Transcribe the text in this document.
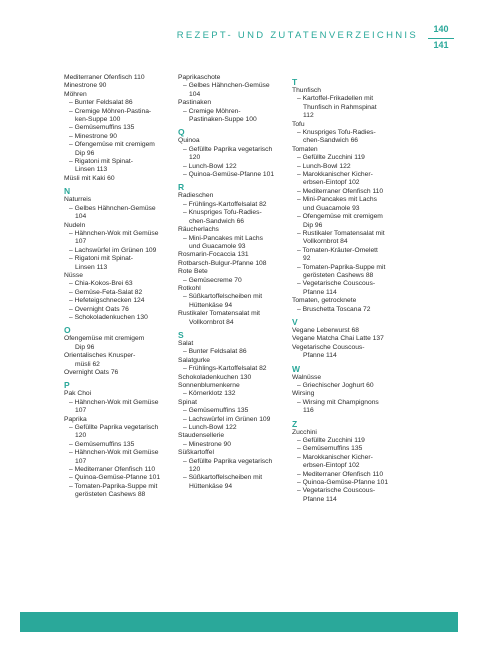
REZEPT- UND ZUTATENVERZEICHNIS
140
141
Mediterraner Ofenfisch 110
Minestrone 90
Möhren
– Bunter Feldsalat 86
– Cremige Möhren-Pastina-
ken-Suppe 100
– Gemüsemuffins 135
– Minestrone 90
– Ofengemüse mit cremigem
Dip 96
– Rigatoni mit Spinat-
Linsen 113
Müsli mit Kaki 60
N
Naturreis
– Gelbes Hähnchen-Gemüse
104
Nudeln
– Hähnchen-Wok mit Gemüse
107
– Lachswürfel im Grünen 109
– Rigatoni mit Spinat-
Linsen 113
Nüsse
– Chia-Kokos-Brei 63
– Gemüse-Feta-Salat 82
– Hefeteigschnecken 124
– Overnight Oats 76
– Schokoladenkuchen 130
O
Ofengemüse mit cremigem
Dip 96
Orientalisches Knusper-
müsli 62
Overnight Oats 76
P
Pak Choi
– Hähnchen-Wok mit Gemüse
107
Paprika
– Gefüllte Paprika vegetarisch
120
– Gemüsemuffins 135
– Hähnchen-Wok mit Gemüse
107
– Mediterraner Ofenfisch 110
– Quinoa-Gemüse-Pfanne 101
– Tomaten-Paprika-Suppe mit
gerösteten Cashews 88
Paprikaschote
– Gelbes Hähnchen-Gemüse
104
Pastinaken
– Cremige Möhren-
Pastinaken-Suppe 100
Q
Quinoa
– Gefüllte Paprika vegetarisch
120
– Lunch-Bowl 122
– Quinoa-Gemüse-Pfanne 101
R
Radieschen
– Frühlings-Kartoffelsalat 82
– Knuspriges Tofu-Radies-
chen-Sandwich 66
Räucherlachs
– Mini-Pancakes mit Lachs
und Guacamole 93
Rosmarin-Focaccia 131
Rotbarsch-Bulgur-Pfanne 108
Rote Bete
– Gemüsecreme 70
Rotkohl
– Süßkartoffelscheiben mit
Hüttenkäse 94
Rustikaler Tomatensalat mit
Vollkornbrot 84
S
Salat
– Bunter Feldsalat 86
Salatgurke
– Frühlings-Kartoffelsalat 82
Schokoladenkuchen 130
Sonnenblumenkerne
– Körnerklotz 132
Spinat
– Gemüsemuffins 135
– Lachswürfel im Grünen 109
– Lunch-Bowl 122
Staudensellerie
– Minestrone 90
Süßkartoffel
– Gefüllte Paprika vegetarisch
120
– Süßkartoffelscheiben mit
Hüttenkäse 94
T
Thunfisch
– Kartoffel-Frikadellen mit
Thunfisch in Rahmspinat
112
Tofu
– Knuspriges Tofu-Radies-
chen-Sandwich 66
Tomaten
– Gefüllte Zucchini 119
– Lunch-Bowl 122
– Marokkanischer Kicher-
erbsen-Eintopf 102
– Mediterraner Ofenfisch 110
– Mini-Pancakes mit Lachs
und Guacamole 93
– Ofengemüse mit cremigem
Dip 96
– Rustikaler Tomatensalat mit
Vollkornbrot 84
– Tomaten-Kräuter-Omelett
92
– Tomaten-Paprika-Suppe mit
gerösteten Cashews 88
– Vegetarische Couscous-
Pfanne 114
Tomaten, getrocknete
– Bruschetta Toscana 72
V
Vegane Leberwurst 68
Vegane Matcha Chai Latte 137
Vegetarische Couscous-
Pfanne 114
W
Walnüsse
– Griechischer Joghurt 60
Wirsing
– Wirsing mit Champignons
116
Z
Zucchini
– Gefüllte Zucchini 119
– Gemüsemuffins 135
– Marokkanischer Kicher-
erbsen-Eintopf 102
– Mediterraner Ofenfisch 110
– Quinoa-Gemüse-Pfanne 101
– Vegetarische Couscous-
Pfanne 114
